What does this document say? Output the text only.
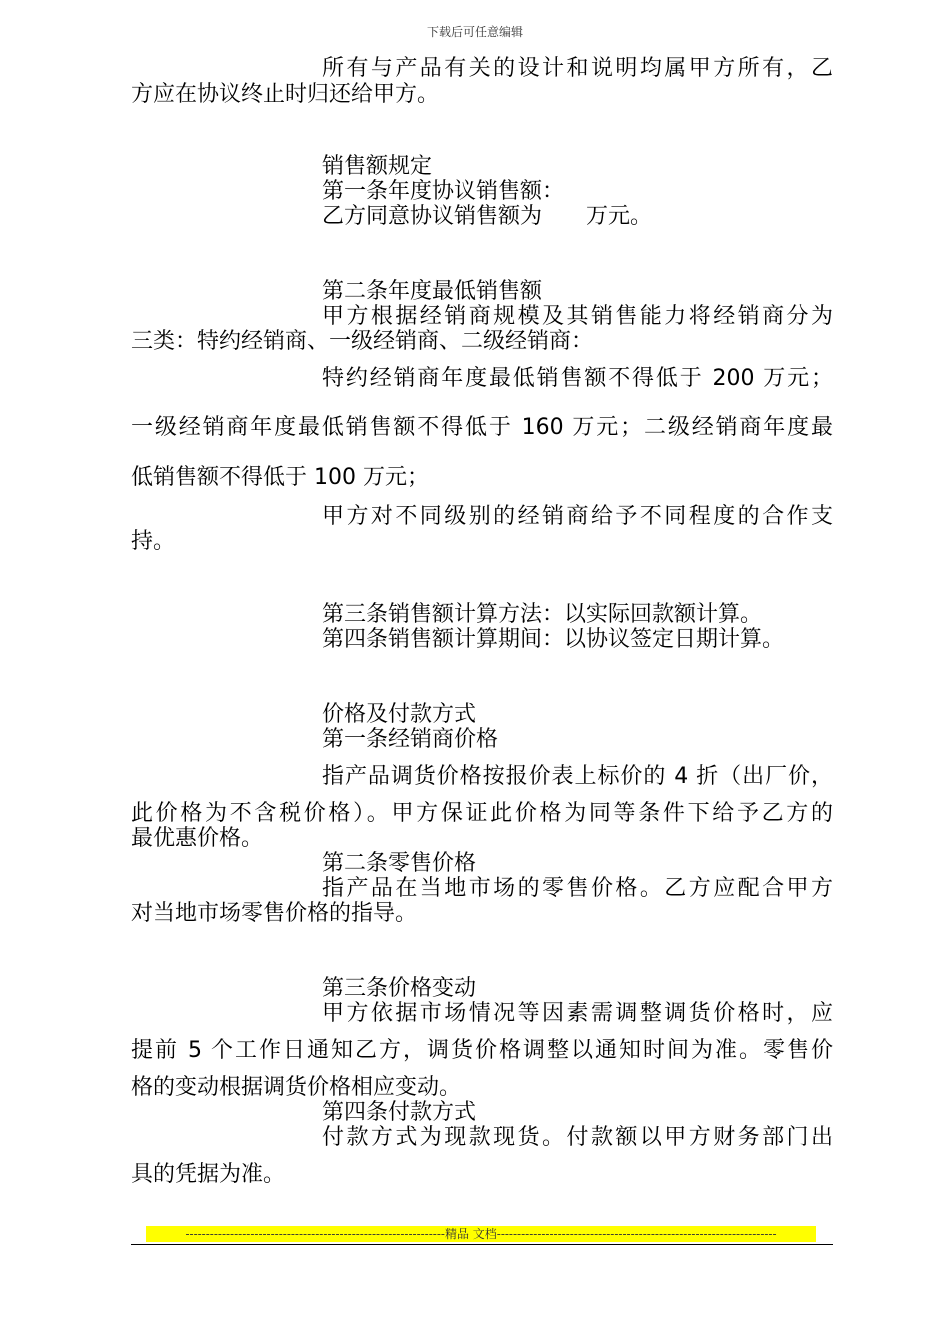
下载后可任意编辑
所有与产品有关的设计和说明均属甲方所有，乙
方应在协议终止时归还给甲方。
销售额规定
第一条年度协议销售额：
乙方同意协议销售额为　　万元。
第二条年度最低销售额
甲方根据经销商规模及其销售能力将经销商分为
三类：特约经销商、一级经销商、二级经销商：
特约经销商年度最低销售额不得低于 200 万元；
一级经销商年度最低销售额不得低于 160 万元；二级经销商年度最
低销售额不得低于 100 万元；
甲方对不同级别的经销商给予不同程度的合作支
持。
第三条销售额计算方法：以实际回款额计算。
第四条销售额计算期间：以协议签定日期计算。
价格及付款方式
第一条经销商价格
指产品调货价格按报价表上标价的 4 折（出厂价，
此价格为不含税价格）。甲方保证此价格为同等条件下给予乙方的
最优惠价格。
第二条零售价格
指产品在当地市场的零售价格。乙方应配合甲方
对当地市场零售价格的指导。
第三条价格变动
甲方依据市场情况等因素需调整调货价格时，应
提前 5 个工作日通知乙方，调货价格调整以通知时间为准。零售价
格的变动根据调货价格相应变动。
第四条付款方式
付款方式为现款现货。付款额以甲方财务部门出
具的凭据为准。
----------------------------------------------------------------精品 文档---------------------------------------------------------------------
